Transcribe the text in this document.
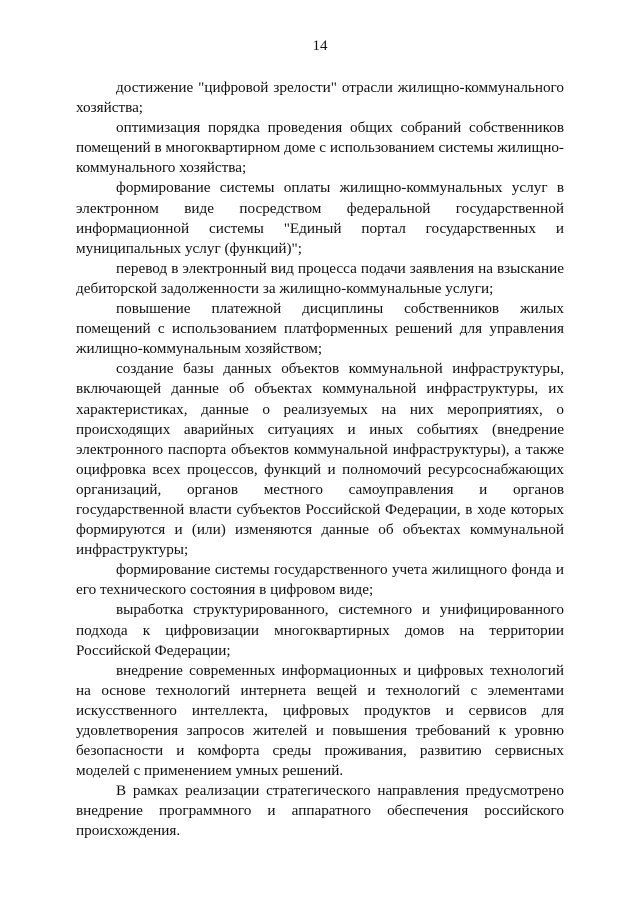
14

достижение "цифровой зрелости" отрасли жилищно-коммунального хозяйства;

оптимизация порядка проведения общих собраний собственников помещений в многоквартирном доме с использованием системы жилищно-коммунального хозяйства;

формирование системы оплаты жилищно-коммунальных услуг в электронном виде посредством федеральной государственной информационной системы "Единый портал государственных и муниципальных услуг (функций)";

перевод в электронный вид процесса подачи заявления на взыскание дебиторской задолженности за жилищно-коммунальные услуги;

повышение платежной дисциплины собственников жилых помещений с использованием платформенных решений для управления жилищно-коммунальным хозяйством;

создание базы данных объектов коммунальной инфраструктуры, включающей данные об объектах коммунальной инфраструктуры, их характеристиках, данные о реализуемых на них мероприятиях, о происходящих аварийных ситуациях и иных событиях (внедрение электронного паспорта объектов коммунальной инфраструктуры), а также оцифровка всех процессов, функций и полномочий ресурсоснабжающих организаций, органов местного самоуправления и органов государственной власти субъектов Российской Федерации, в ходе которых формируются и (или) изменяются данные об объектах коммунальной инфраструктуры;

формирование системы государственного учета жилищного фонда и его технического состояния в цифровом виде;

выработка структурированного, системного и унифицированного подхода к цифровизации многоквартирных домов на территории Российской Федерации;

внедрение современных информационных и цифровых технологий на основе технологий интернета вещей и технологий с элементами искусственного интеллекта, цифровых продуктов и сервисов для удовлетворения запросов жителей и повышения требований к уровню безопасности и комфорта среды проживания, развитию сервисных моделей с применением умных решений.

В рамках реализации стратегического направления предусмотрено внедрение программного и аппаратного обеспечения российского происхождения.
